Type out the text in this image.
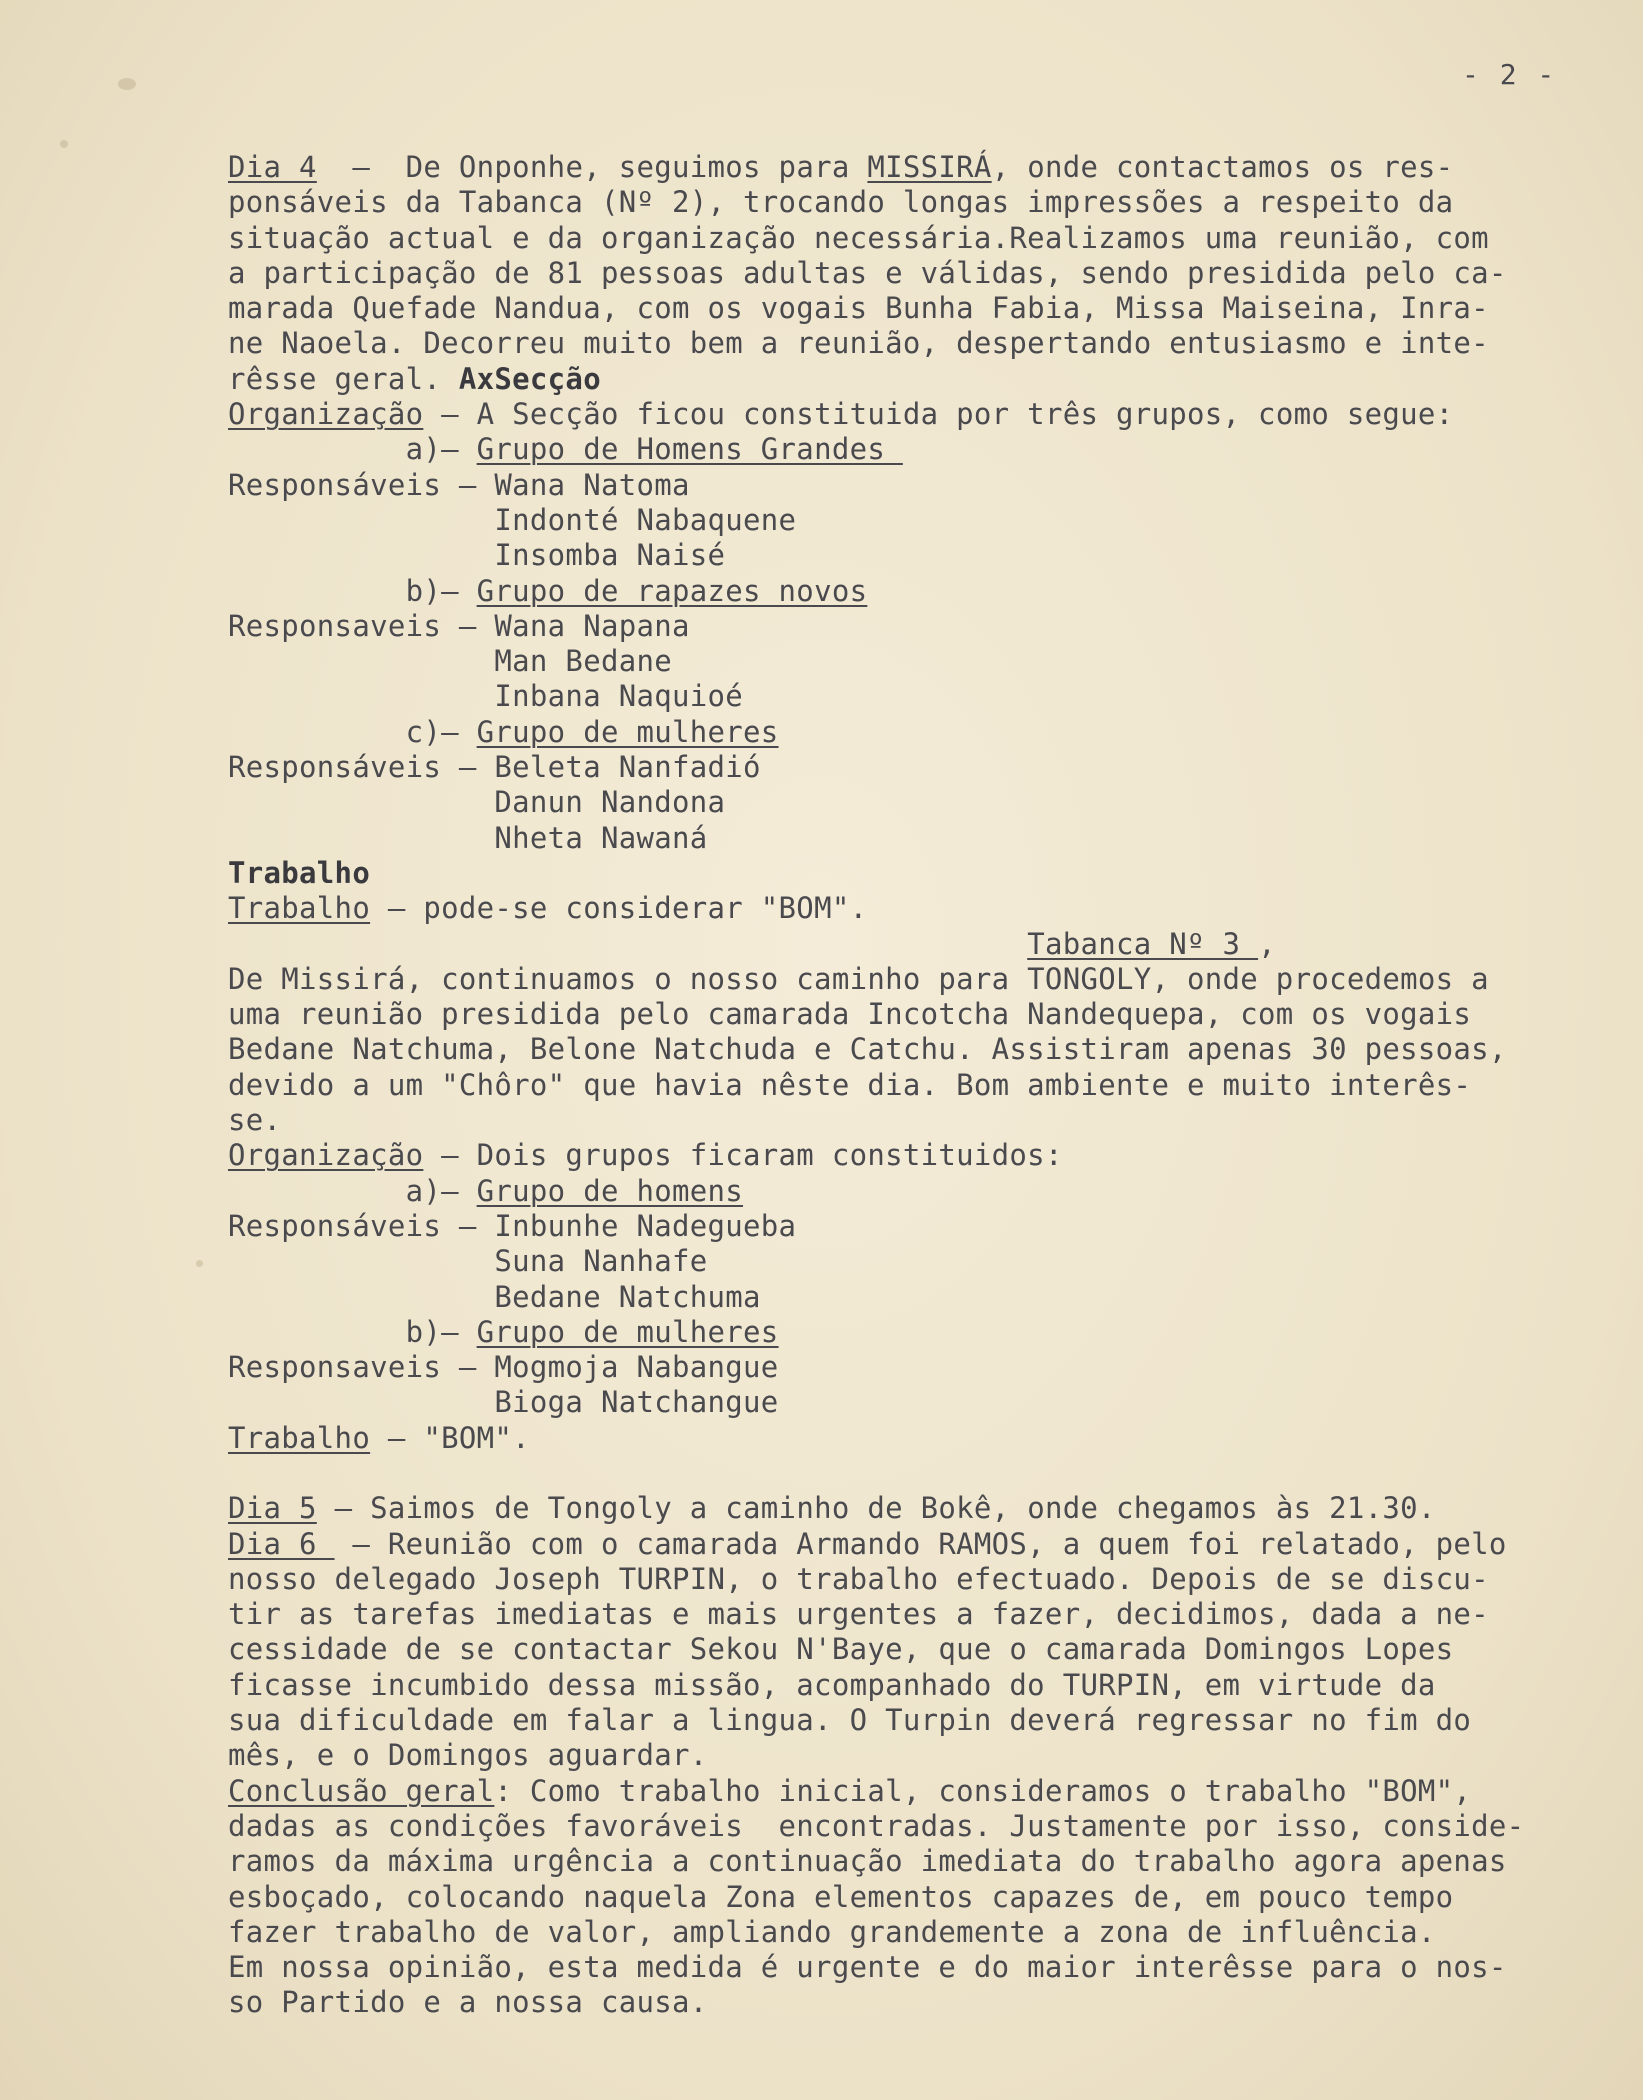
- 2 -
Dia 4  –  De Onponhe, seguimos para MISSIRÁ, onde contactamos os res-
ponsáveis da Tabanca (Nº 2), trocando longas impressões a respeito da
situação actual e da organização necessária.Realizamos uma reunião, com
a participação de 81 pessoas adultas e válidas, sendo presidida pelo ca-
marada Quefade Nandua, com os vogais Bunha Fabia, Missa Maiseina, Inra-
ne Naoela. Decorreu muito bem a reunião, despertando entusiasmo e inte-
rêsse geral. AxSecção
Organização – A Secção ficou constituida por três grupos, como segue:
a)– Grupo de Homens Grandes
Responsáveis – Wana Natoma
Indonté Nabaquene
Insomba Naisé
b)– Grupo de rapazes novos
Responsaveis – Wana Napana
Man Bedane
Inbana Naquioé
c)– Grupo de mulheres
Responsáveis – Beleta Nanfadió
Danun Nandona
Nheta Nawaná
Trabalho
Trabalho – pode-se considerar "BOM".
Tabanca Nº 3 ,
De Missirá, continuamos o nosso caminho para TONGOLY, onde procedemos a
uma reunião presidida pelo camarada Incotcha Nandequepa, com os vogais
Bedane Natchuma, Belone Natchuda e Catchu. Assistiram apenas 30 pessoas,
devido a um "Chôro" que havia nêste dia. Bom ambiente e muito interês-
se.
Organização – Dois grupos ficaram constituidos:
a)– Grupo de homens
Responsáveis – Inbunhe Nadegueba
Suna Nanhafe
Bedane Natchuma
b)– Grupo de mulheres
Responsaveis – Mogmoja Nabangue
Bioga Natchangue
Trabalho – "BOM".
Dia 5 – Saimos de Tongoly a caminho de Bokê, onde chegamos às 21.30.
Dia 6  – Reunião com o camarada Armando RAMOS, a quem foi relatado, pelo
nosso delegado Joseph TURPIN, o trabalho efectuado. Depois de se discu-
tir as tarefas imediatas e mais urgentes a fazer, decidimos, dada a ne-
cessidade de se contactar Sekou N'Baye, que o camarada Domingos Lopes
ficasse incumbido dessa missão, acompanhado do TURPIN, em virtude da
sua dificuldade em falar a lingua. O Turpin deverá regressar no fim do
mês, e o Domingos aguardar.
Conclusão geral: Como trabalho inicial, consideramos o trabalho "BOM",
dadas as condições favoráveis  encontradas. Justamente por isso, conside-
ramos da máxima urgência a continuação imediata do trabalho agora apenas
esboçado, colocando naquela Zona elementos capazes de, em pouco tempo
fazer trabalho de valor, ampliando grandemente a zona de influência.
Em nossa opinião, esta medida é urgente e do maior interêsse para o nos-
so Partido e a nossa causa.
